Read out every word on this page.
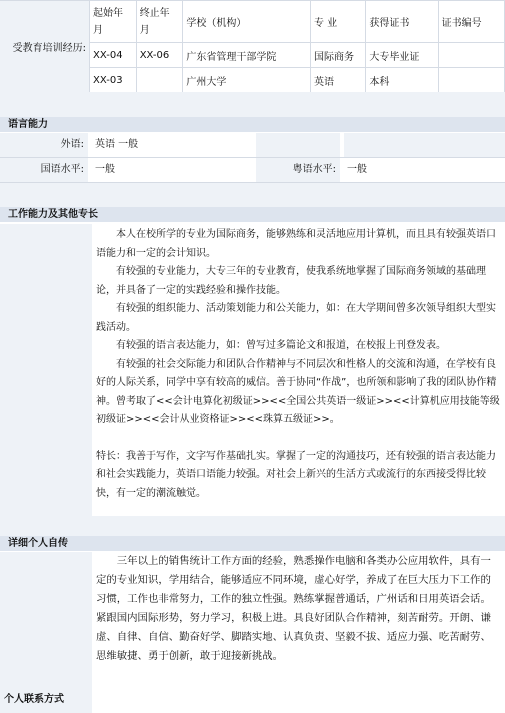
受教育培训经历:	起始年月	终止年月	学校（机构）	专 业	获得证书	证书编号
	XX-04	XX-06	广东省管理干部学院	国际商务	大专毕业证	
	XX-03		广州大学	英语	本科	
语言能力
外语:	英语 一般
国语水平:	一般	粤语水平:	一般
工作能力及其他专长

本人在校所学的专业为国际商务，能够熟练和灵活地应用计算机，而且具有较强英语口语能力和一定的会计知识。

有较强的专业能力，大专三年的专业教育，使我系统地掌握了国际商务领域的基础理论，并具备了一定的实践经验和操作技能。

有较强的组织能力、活动策划能力和公关能力，如：在大学期间曾多次领导组织大型实践活动。

有较强的语言表达能力，如：曾写过多篇论文和报道，在校报上刊登发表。

有较强的社会交际能力和团队合作精神与不同层次和性格人的交流和沟通，在学校有良好的人际关系，同学中享有较高的威信。善于协同“作战”，也所领和影响了我的团队协作精神。曾考取了<<会计电算化初级证>><<全国公共英语一级证>><<计算机应用技能等级初级证>><<会计从业资格证>><<珠算五级证>>。

特长：我善于写作，文字写作基础扎实。掌握了一定的沟通技巧，还有较强的语言表达能力和社会实践能力，英语口语能力较强。对社会上新兴的生活方式或流行的东西接受得比较快，有一定的潮流触觉。

详细个人自传

三年以上的销售统计工作方面的经验，熟悉操作电脑和各类办公应用软件，具有一定的专业知识，学用结合，能够适应不同环境，虚心好学，养成了在巨大压力下工作的习惯，工作也非常努力，工作的独立性强。熟练掌握普通话，广州话和日用英语会话。紧跟国内国际形势，努力学习，积极上进。具良好团队合作精神，刻苦耐劳。开朗、谦虚、自律、自信、勤奋好学、脚踏实地、认真负责、坚毅不拔、适应力强、吃苦耐劳、思维敏捷、勇于创新，敢于迎接新挑战。

个人联系方式
